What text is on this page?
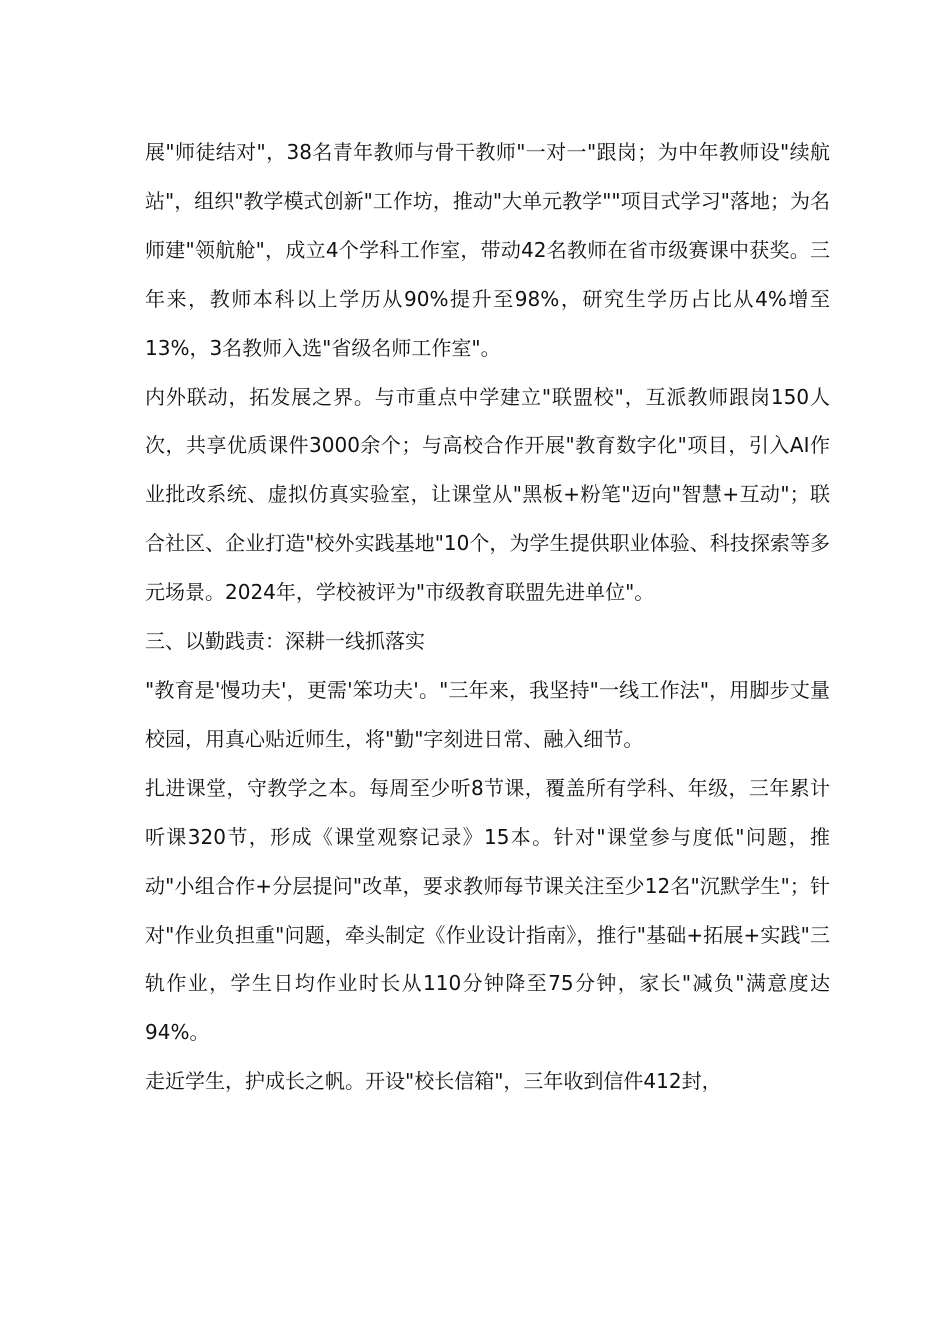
展"师徒结对"，38名青年教师与骨干教师"一对一"跟岗；为中年教师设"续航站"，组织"教学模式创新"工作坊，推动"大单元教学""项目式学习"落地；为名师建"领航舱"，成立4个学科工作室，带动42名教师在省市级赛课中获奖。三年来，教师本科以上学历从90%提升至98%，研究生学历占比从4%增至13%，3名教师入选"省级名师工作室"。

内外联动，拓发展之界。与市重点中学建立"联盟校"，互派教师跟岗150人次，共享优质课件3000余个；与高校合作开展"教育数字化"项目，引入AI作业批改系统、虚拟仿真实验室，让课堂从"黑板+粉笔"迈向"智慧+互动"；联合社区、企业打造"校外实践基地"10个，为学生提供职业体验、科技探索等多元场景。2024年，学校被评为"市级教育联盟先进单位"。

三、以勤践责：深耕一线抓落实

"教育是'慢功夫'，更需'笨功夫'。"三年来，我坚持"一线工作法"，用脚步丈量校园，用真心贴近师生，将"勤"字刻进日常、融入细节。

扎进课堂，守教学之本。每周至少听8节课，覆盖所有学科、年级，三年累计听课320节，形成《课堂观察记录》15本。针对"课堂参与度低"问题，推动"小组合作+分层提问"改革，要求教师每节课关注至少12名"沉默学生"；针对"作业负担重"问题，牵头制定《作业设计指南》，推行"基础+拓展+实践"三轨作业，学生日均作业时长从110分钟降至75分钟，家长"减负"满意度达94%。

走近学生，护成长之帆。开设"校长信箱"，三年收到信件412封，
